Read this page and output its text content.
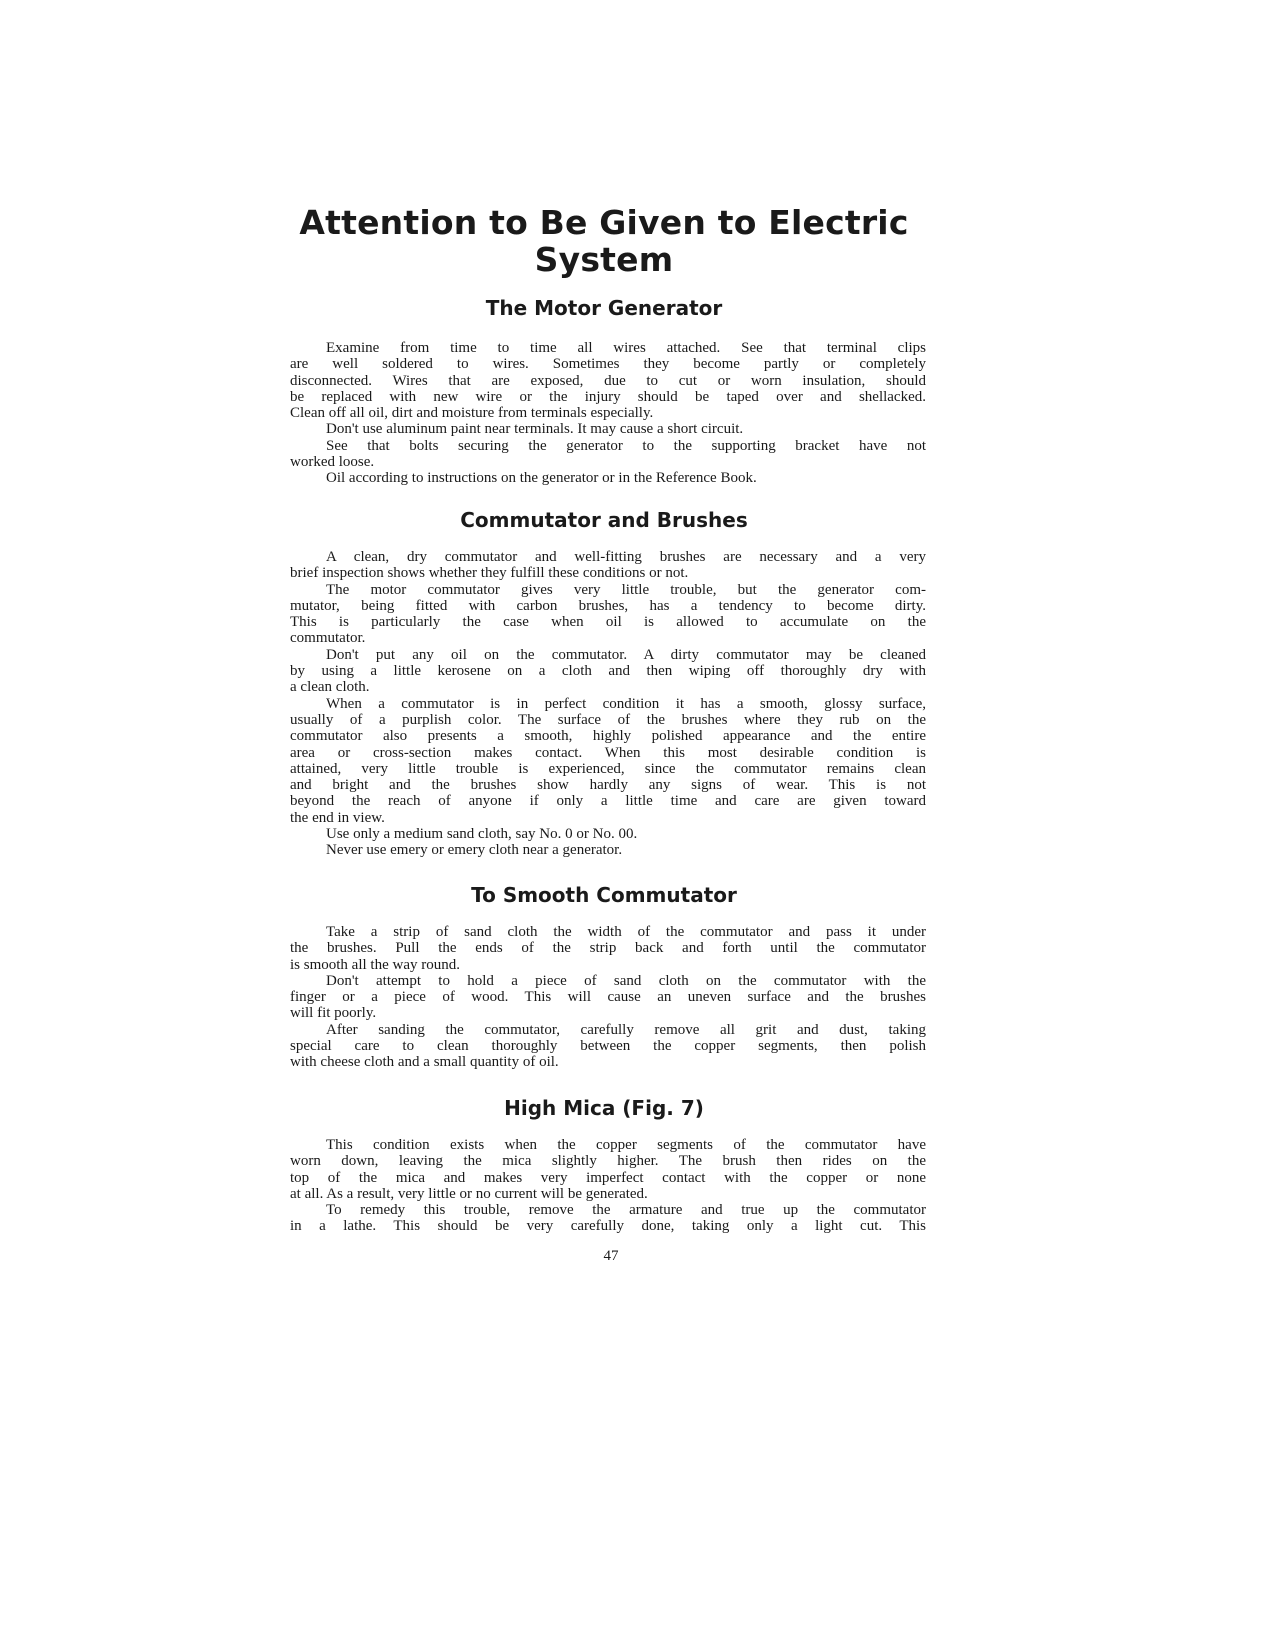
Attention to Be Given to Electric
System
The Motor Generator
Examine from time to time all wires attached. See that terminal clips
are well soldered to wires. Sometimes they become partly or completely
disconnected. Wires that are exposed, due to cut or worn insulation, should
be replaced with new wire or the injury should be taped over and shellacked.
Clean off all oil, dirt and moisture from terminals especially.
Don't use aluminum paint near terminals. It may cause a short circuit.
See that bolts securing the generator to the supporting bracket have not
worked loose.
Oil according to instructions on the generator or in the Reference Book.
Commutator and Brushes
A clean, dry commutator and well-fitting brushes are necessary and a very
brief inspection shows whether they fulfill these conditions or not.
The motor commutator gives very little trouble, but the generator com-
mutator, being fitted with carbon brushes, has a tendency to become dirty.
This is particularly the case when oil is allowed to accumulate on the
commutator.
Don't put any oil on the commutator. A dirty commutator may be cleaned
by using a little kerosene on a cloth and then wiping off thoroughly dry with
a clean cloth.
When a commutator is in perfect condition it has a smooth, glossy surface,
usually of a purplish color. The surface of the brushes where they rub on the
commutator also presents a smooth, highly polished appearance and the entire
area or cross-section makes contact. When this most desirable condition is
attained, very little trouble is experienced, since the commutator remains clean
and bright and the brushes show hardly any signs of wear. This is not
beyond the reach of anyone if only a little time and care are given toward
the end in view.
Use only a medium sand cloth, say No. 0 or No. 00.
Never use emery or emery cloth near a generator.
To Smooth Commutator
Take a strip of sand cloth the width of the commutator and pass it under
the brushes. Pull the ends of the strip back and forth until the commutator
is smooth all the way round.
Don't attempt to hold a piece of sand cloth on the commutator with the
finger or a piece of wood. This will cause an uneven surface and the brushes
will fit poorly.
After sanding the commutator, carefully remove all grit and dust, taking
special care to clean thoroughly between the copper segments, then polish
with cheese cloth and a small quantity of oil.
High Mica (Fig. 7)
This condition exists when the copper segments of the commutator have
worn down, leaving the mica slightly higher. The brush then rides on the
top of the mica and makes very imperfect contact with the copper or none
at all. As a result, very little or no current will be generated.
To remedy this trouble, remove the armature and true up the commutator
in a lathe. This should be very carefully done, taking only a light cut. This
47
